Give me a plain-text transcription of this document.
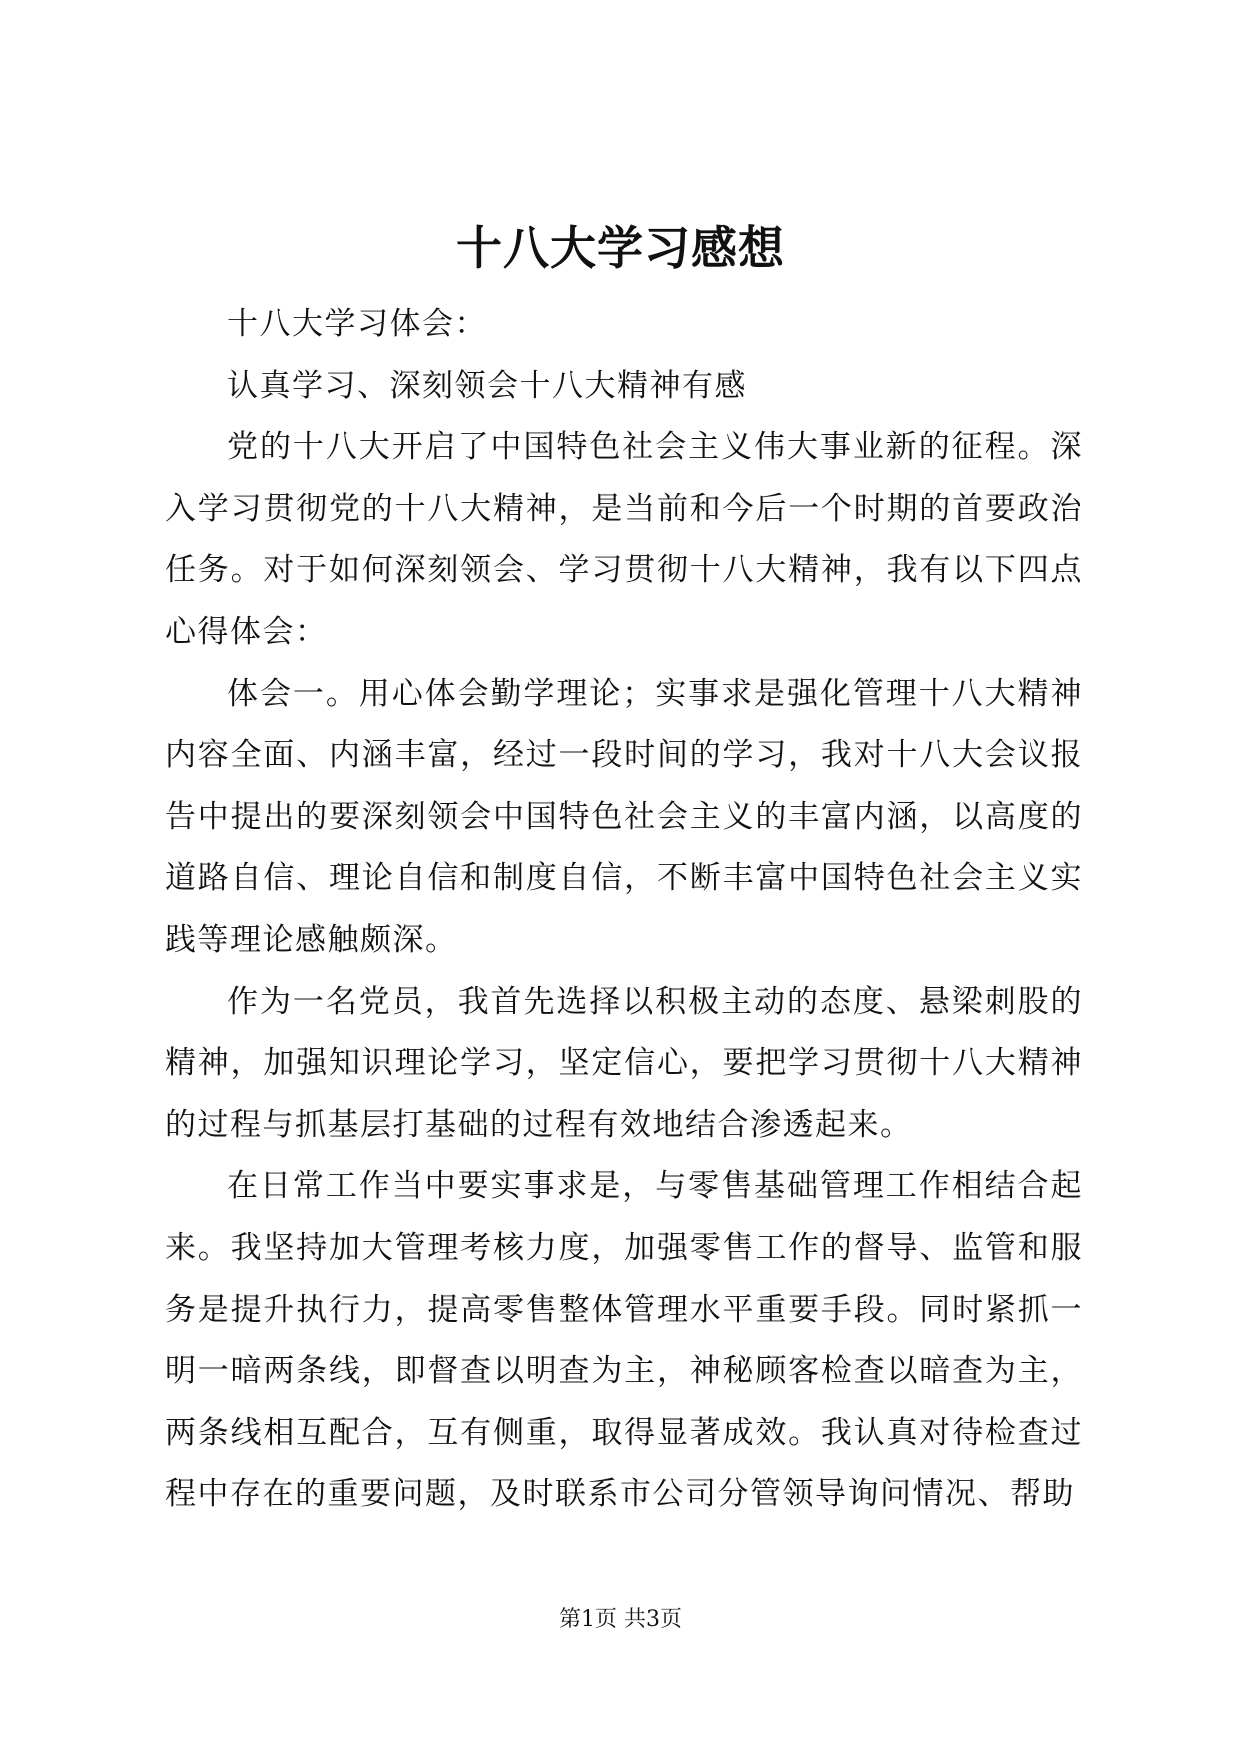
十八大学习感想

十八大学习体会：

认真学习、深刻领会十八大精神有感

党的十八大开启了中国特色社会主义伟大事业新的征程。深入学习贯彻党的十八大精神，是当前和今后一个时期的首要政治任务。对于如何深刻领会、学习贯彻十八大精神，我有以下四点心得体会：

体会一。用心体会勤学理论；实事求是强化管理十八大精神内容全面、内涵丰富，经过一段时间的学习，我对十八大会议报告中提出的要深刻领会中国特色社会主义的丰富内涵，以高度的道路自信、理论自信和制度自信，不断丰富中国特色社会主义实践等理论感触颇深。

作为一名党员，我首先选择以积极主动的态度、悬梁刺股的精神，加强知识理论学习，坚定信心，要把学习贯彻十八大精神的过程与抓基层打基础的过程有效地结合渗透起来。

在日常工作当中要实事求是，与零售基础管理工作相结合起来。我坚持加大管理考核力度，加强零售工作的督导、监管和服务是提升执行力，提高零售整体管理水平重要手段。同时紧抓一明一暗两条线，即督查以明查为主，神秘顾客检查以暗查为主，两条线相互配合，互有侧重，取得显著成效。我认真对待检查过程中存在的重要问题，及时联系市公司分管领导询问情况、帮助

第1页 共3页
